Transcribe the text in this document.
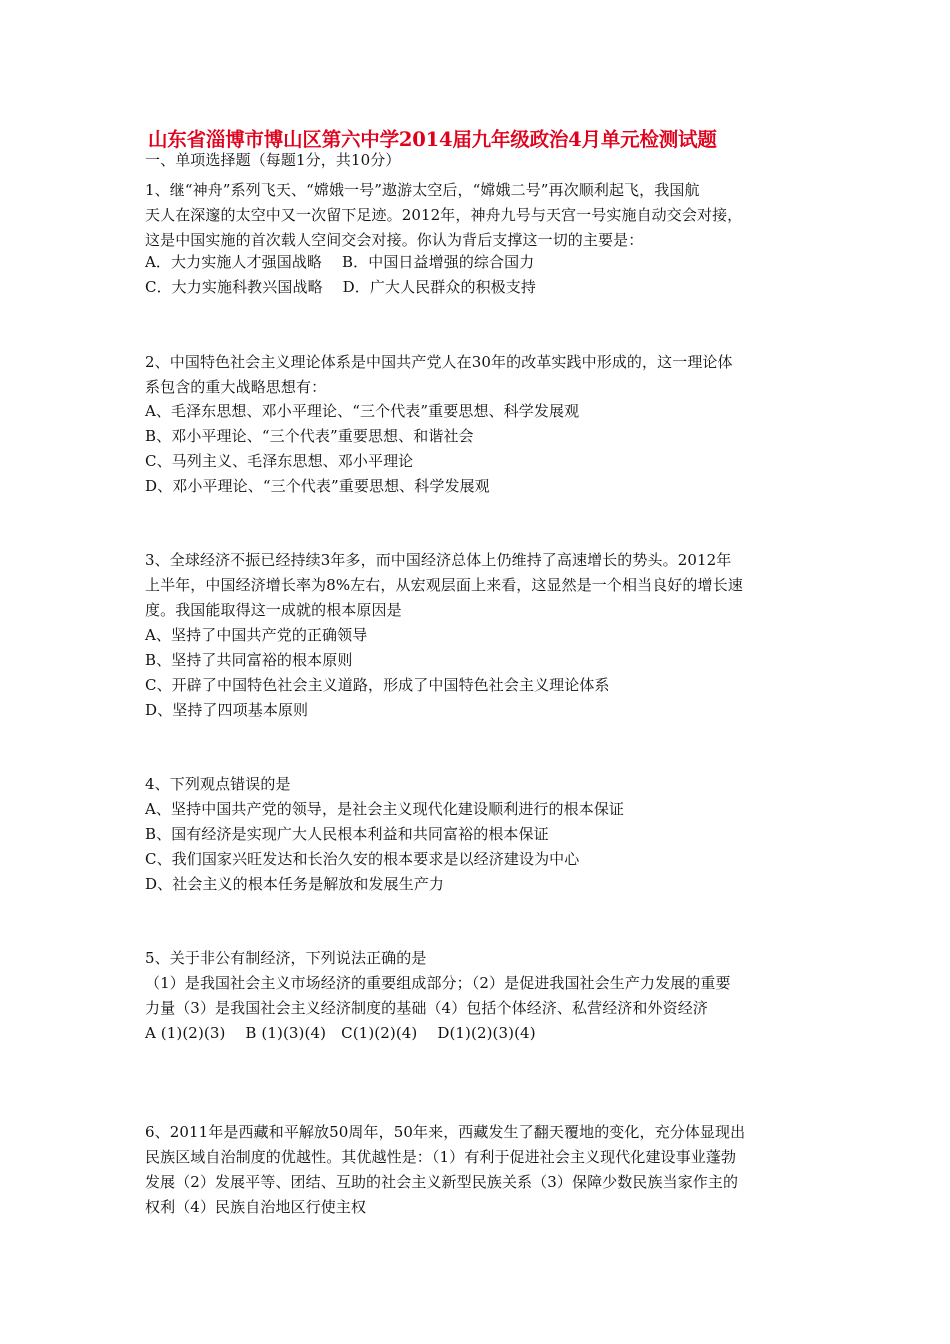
山东省淄博市博山区第六中学2014届九年级政治4月单元检测试题
一、单项选择题（每题1分，共10分）
1、继“神舟”系列飞天、“嫦娥一号”遨游太空后，“嫦娥二号”再次顺利起飞，我国航
天人在深邃的太空中又一次留下足迹。2012年，神舟九号与天宫一号实施自动交会对接，
这是中国实施的首次载人空间交会对接。你认为背后支撑这一切的主要是：
A．大力实施人才强国战略　 B．中国日益增强的综合国力
C．大力实施科教兴国战略　 D．广大人民群众的积极支持
2、中国特色社会主义理论体系是中国共产党人在30年的改革实践中形成的，这一理论体
系包含的重大战略思想有：
A、毛泽东思想、邓小平理论、“三个代表”重要思想、科学发展观
B、邓小平理论、“三个代表”重要思想、和谐社会
C、马列主义、毛泽东思想、邓小平理论
D、邓小平理论、“三个代表”重要思想、科学发展观
3、全球经济不振已经持续3年多，而中国经济总体上仍维持了高速增长的势头。2012年
上半年，中国经济增长率为8%左右，从宏观层面上来看，这显然是一个相当良好的增长速
度。我国能取得这一成就的根本原因是
A、坚持了中国共产党的正确领导
B、坚持了共同富裕的根本原则
C、开辟了中国特色社会主义道路，形成了中国特色社会主义理论体系
D、坚持了四项基本原则
4、下列观点错误的是
A、坚持中国共产党的领导，是社会主义现代化建设顺利进行的根本保证
B、国有经济是实现广大人民根本利益和共同富裕的根本保证
C、我们国家兴旺发达和长治久安的根本要求是以经济建设为中心
D、社会主义的根本任务是解放和发展生产力
5、关于非公有制经济，下列说法正确的是
（1）是我国社会主义市场经济的重要组成部分；（2）是促进我国社会生产力发展的重要
力量（3）是我国社会主义经济制度的基础（4）包括个体经济、私营经济和外资经济
A (1)(2)(3)　 B (1)(3)(4)　C(1)(2)(4)　 D(1)(2)(3)(4)
6、2011年是西藏和平解放50周年，50年来，西藏发生了翻天覆地的变化，充分体显现出
民族区域自治制度的优越性。其优越性是：（1）有利于促进社会主义现代化建设事业蓬勃
发展（2）发展平等、团结、互助的社会主义新型民族关系（3）保障少数民族当家作主的
权利（4）民族自治地区行使主权
